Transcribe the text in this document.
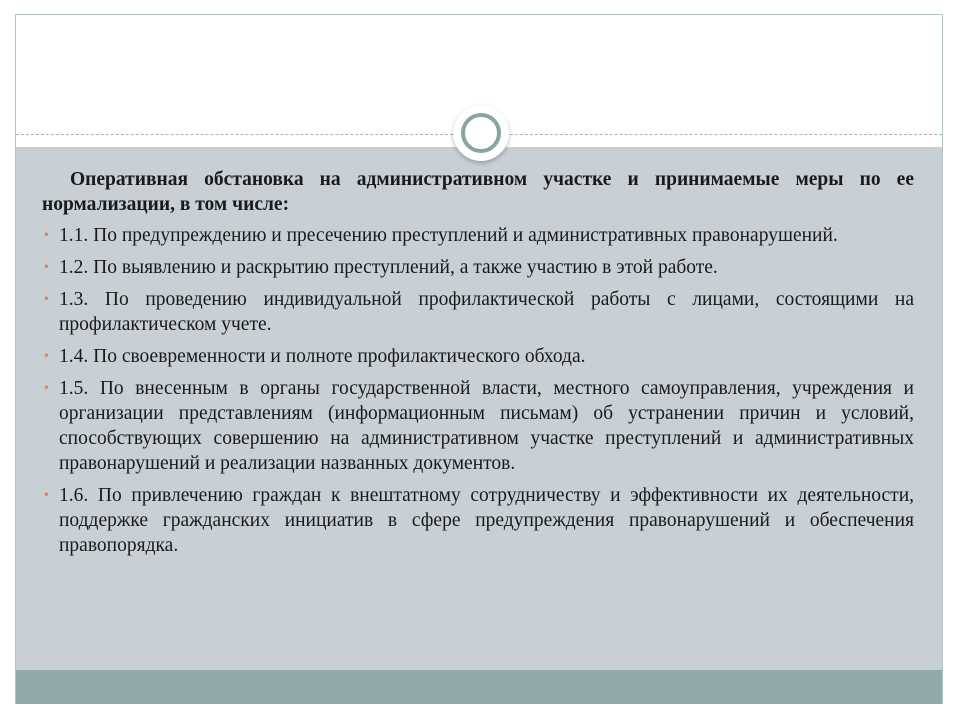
Оперативная обстановка на административном участке и принимаемые меры по ее нормализации, в том числе:

• 1.1. По предупреждению и пресечению преступлений и административных правонарушений.
• 1.2. По выявлению и раскрытию преступлений, а также участию в этой работе.
• 1.3. По проведению индивидуальной профилактической работы с лицами, состоящими на профилактическом учете.
• 1.4. По своевременности и полноте профилактического обхода.
• 1.5. По внесенным в органы государственной власти, местного самоуправления, учреждения и организации представлениям (информационным письмам) об устранении причин и условий, способствующих совершению на административном участке преступлений и административных правонарушений и реализации названных документов.
• 1.6. По привлечению граждан к внештатному сотрудничеству и эффективности их деятельности, поддержке гражданских инициатив в сфере предупреждения правонарушений и обеспечения правопорядка.
